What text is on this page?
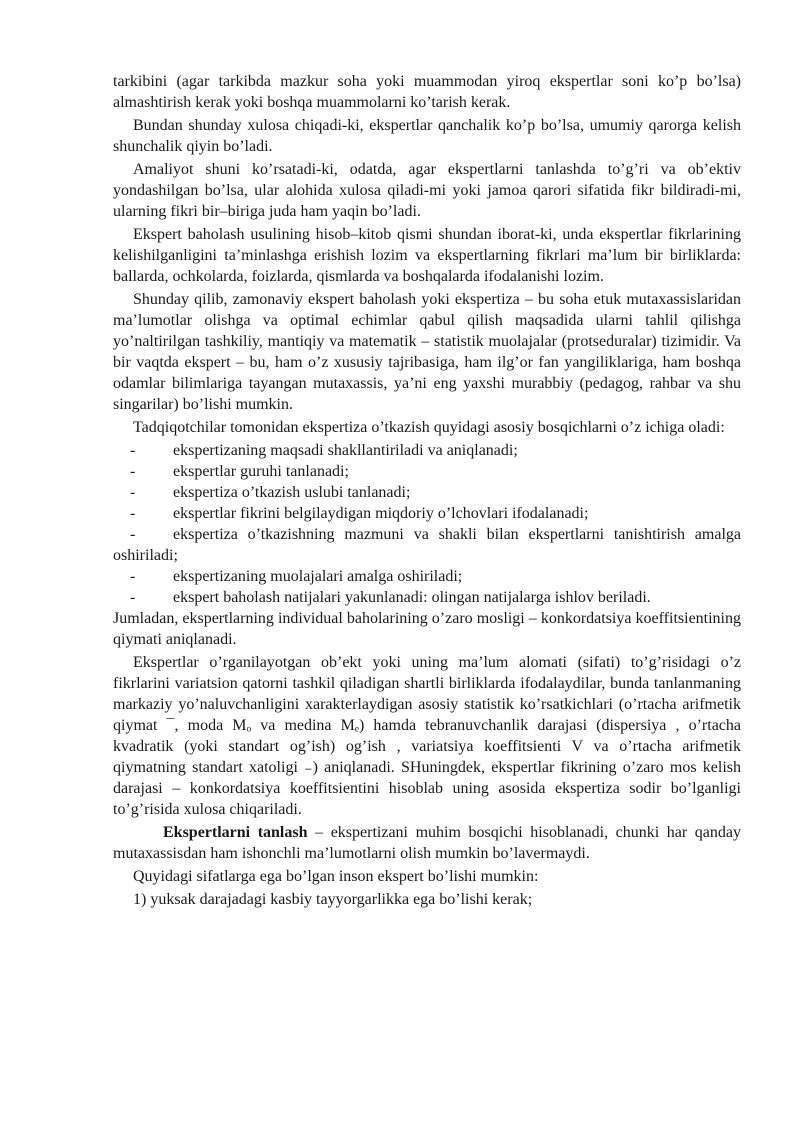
tarkibini (agar tarkibda mazkur soha yoki muammodan yiroq ekspertlar soni ko’p bo’lsa) almashtirish kerak yoki boshqa muammolarni ko’tarish kerak.

Bundan shunday xulosa chiqadi-ki, ekspertlar qanchalik ko’p bo’lsa, umumiy qarorga kelish shunchalik qiyin bo’ladi.

Amaliyot shuni ko’rsatadi-ki, odatda, agar ekspertlarni tanlashda to’g’ri va ob’ektiv yondashilgan bo’lsa, ular alohida xulosa qiladi-mi yoki jamoa qarori sifatida fikr bildiradi-mi, ularning fikri bir–biriga juda ham yaqin bo’ladi.

Ekspert baholash usulining hisob–kitob qismi shundan iborat-ki, unda ekspertlar fikrlarining kelishilganligini ta’minlashga erishish lozim va ekspertlarning fikrlari ma’lum bir birliklarda: ballarda, ochkolarda, foizlarda, qismlarda va boshqalarda ifodalanishi lozim.

Shunday qilib, zamonaviy ekspert baholash yoki ekspertiza – bu soha etuk mutaxassislaridan ma’lumotlar olishga va optimal echimlar qabul qilish maqsadida ularni tahlil qilishga yo’naltirilgan tashkiliy, mantiqiy va matematik – statistik muolajalar (protseduralar) tizimidir. Va bir vaqtda ekspert – bu, ham o’z xususiy tajribasiga, ham ilg’or fan yangiliklariga, ham boshqa odamlar bilimlariga tayangan mutaxassis, ya’ni eng yaxshi murabbiy (pedagog, rahbar va shu singarilar) bo’lishi mumkin.

Tadqiqotchilar tomonidan ekspertiza o’tkazish quyidagi asosiy bosqichlarni o’z ichiga oladi:

-	ekspertizaning maqsadi shakllantiriladi va aniqlanadi;
-	ekspertlar guruhi tanlanadi;
-	ekspertiza o’tkazish uslubi tanlanadi;
-	ekspertlar fikrini belgilaydigan miqdoriy o’lchovlari ifodalanadi;
- ekspertiza o’tkazishning mazmuni va shakli bilan ekspertlarni tanishtirish amalga oshiriladi;
-	ekspertizaning muolajalari amalga oshiriladi;
-	ekspert baholash natijalari yakunlanadi: olingan natijalarga ishlov beriladi.

Jumladan, ekspertlarning individual baholarining o’zaro mosligi – konkordatsiya koeffitsientining qiymati aniqlanadi.

Ekspertlar o’rganilayotgan ob’ekt yoki uning ma’lum alomati (sifati) to’g’risidagi o’z fikrlarini variatsion qatorni tashkil qiladigan shartli birliklarda ifodalaydilar, bunda tanlanmaning markaziy yo’naluvchanligini xarakterlaydigan asosiy statistik ko’rsatkichlari (o’rtacha arifmetik qiymat ¯, moda Mₒ va medina Mₑ) hamda tebranuvchanlik darajasi (dispersiya , o’rtacha kvadratik (yoki standart og’ish) og’ish , variatsiya koeffitsienti V va o’rtacha arifmetik qiymatning standart xatoligi ₋) aniqlanadi. SHuningdek, ekspertlar fikrining o’zaro mos kelish darajasi – konkordatsiya koeffitsientini hisoblab uning asosida ekspertiza sodir bo’lganligi to’g’risida xulosa chiqariladi.

Ekspertlarni tanlash – ekspertizani muhim bosqichi hisoblanadi, chunki har qanday mutaxassisdan ham ishonchli ma’lumotlarni olish mumkin bo’lavermaydi.

Quyidagi sifatlarga ega bo’lgan inson ekspert bo’lishi mumkin:

1) yuksak darajadagi kasbiy tayyorgarlikka ega bo’lishi kerak;
